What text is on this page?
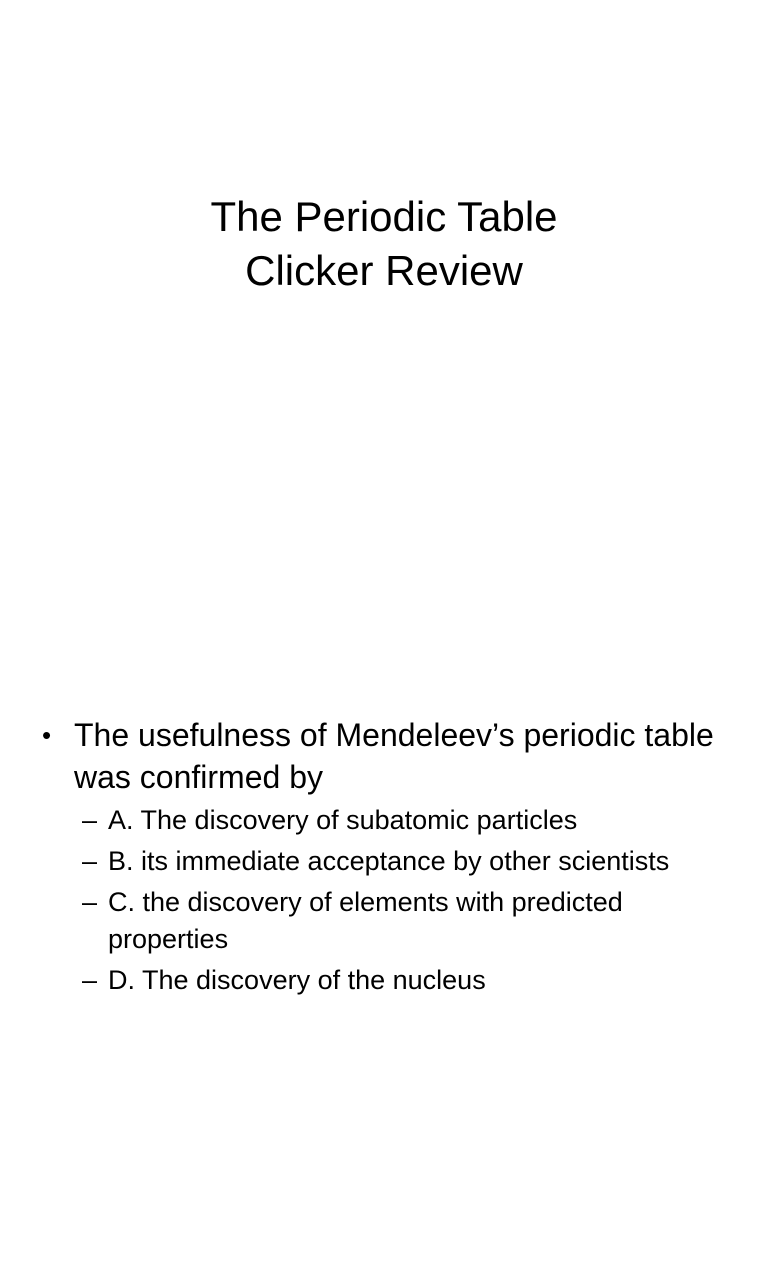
The Periodic Table
Clicker Review
• The usefulness of Mendeleev’s periodic table was confirmed by
– A. The discovery of subatomic particles
– B. its immediate acceptance by other scientists
– C. the discovery of elements with predicted properties
– D. The discovery of the nucleus
